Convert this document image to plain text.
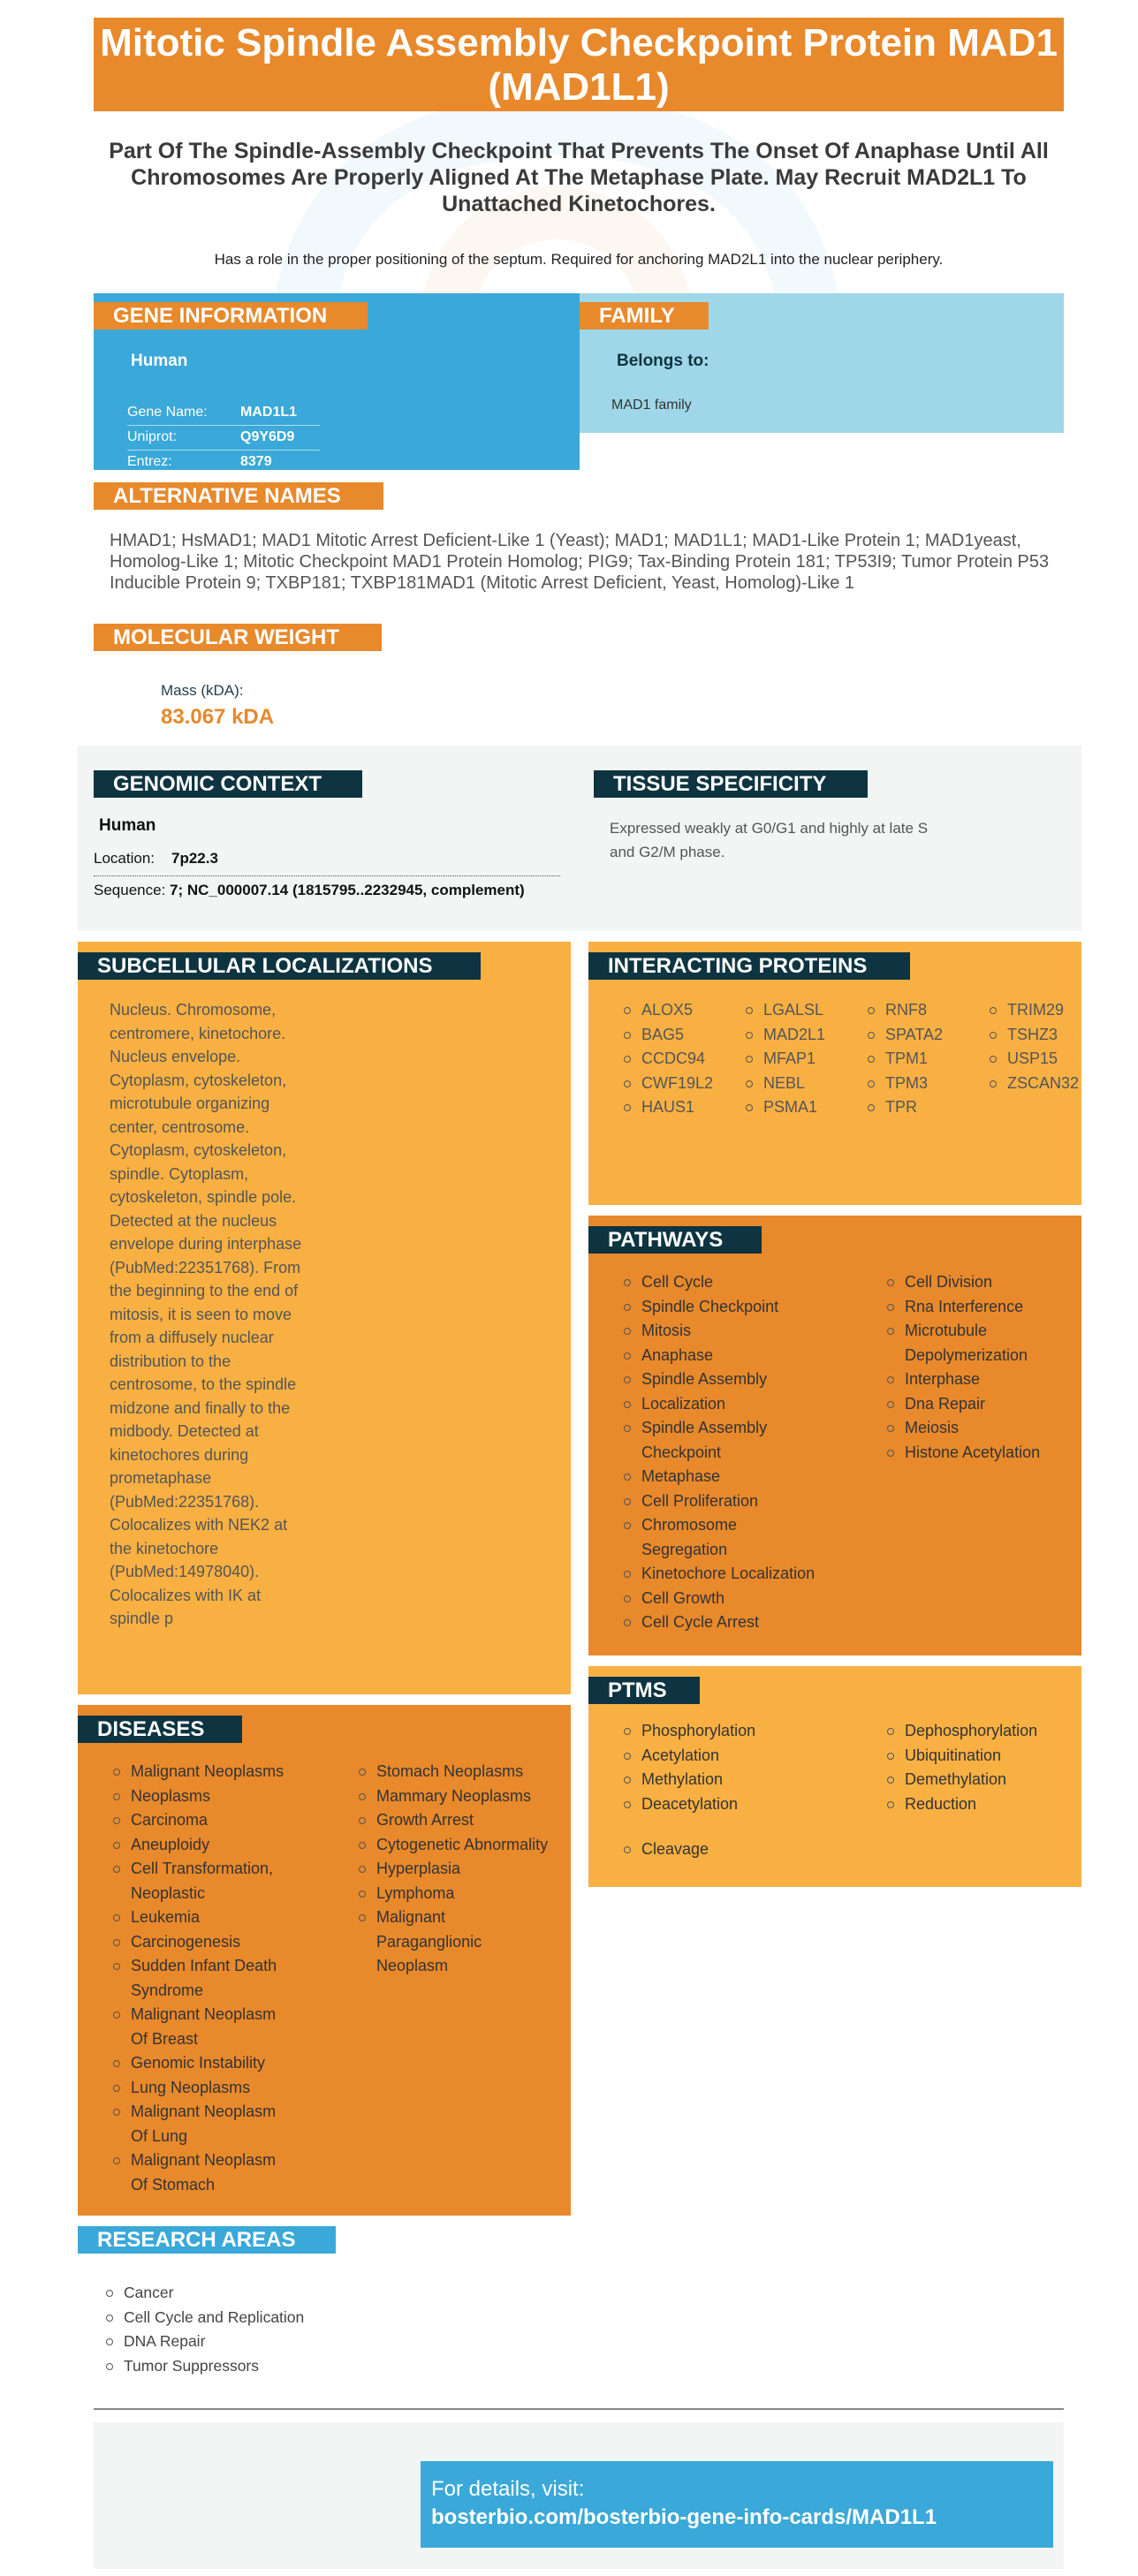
Mitotic Spindle Assembly Checkpoint Protein MAD1 (MAD1L1)
Part Of The Spindle-Assembly Checkpoint That Prevents The Onset Of Anaphase Until All Chromosomes Are Properly Aligned At The Metaphase Plate. May Recruit MAD2L1 To Unattached Kinetochores.
Has a role in the proper positioning of the septum. Required for anchoring MAD2L1 into the nuclear periphery.
GENE INFORMATION
Human
Gene Name:	MAD1L1
Uniprot:	Q9Y6D9
Entrez:	8379
FAMILY
Belongs to:
MAD1 family
ALTERNATIVE NAMES
HMAD1; HsMAD1; MAD1 Mitotic Arrest Deficient-Like 1 (Yeast); MAD1; MAD1L1; MAD1-Like Protein 1; MAD1yeast, Homolog-Like 1; Mitotic Checkpoint MAD1 Protein Homolog; PIG9; Tax-Binding Protein 181; TP53I9; Tumor Protein P53 Inducible Protein 9; TXBP181; TXBP181MAD1 (Mitotic Arrest Deficient, Yeast, Homolog)-Like 1
MOLECULAR WEIGHT
Mass (kDA):
83.067 kDA
GENOMIC CONTEXT
Human
Location: 7p22.3
Sequence: 7; NC_000007.14 (1815795..2232945, complement)
TISSUE SPECIFICITY
Expressed weakly at G0/G1 and highly at late S and G2/M phase.
SUBCELLULAR LOCALIZATIONS
Nucleus. Chromosome, centromere, kinetochore. Nucleus envelope. Cytoplasm, cytoskeleton, microtubule organizing center, centrosome. Cytoplasm, cytoskeleton, spindle. Cytoplasm, cytoskeleton, spindle pole. Detected at the nucleus envelope during interphase (PubMed:22351768). From the beginning to the end of mitosis, it is seen to move from a diffusely nuclear distribution to the centrosome, to the spindle midzone and finally to the midbody. Detected at kinetochores during prometaphase (PubMed:22351768). Colocalizes with NEK2 at the kinetochore (PubMed:14978040). Colocalizes with IK at spindle p
INTERACTING PROTEINS
ALOX5
BAG5
CCDC94
CWF19L2
HAUS1
LGALSL
MAD2L1
MFAP1
NEBL
PSMA1
RNF8
SPATA2
TPM1
TPM3
TPR
TRIM29
TSHZ3
USP15
ZSCAN32
PATHWAYS
Cell Cycle
Spindle Checkpoint
Mitosis
Anaphase
Spindle Assembly
Localization
Spindle Assembly Checkpoint
Metaphase
Cell Proliferation
Chromosome Segregation
Kinetochore Localization
Cell Growth
Cell Cycle Arrest
Cell Division
Rna Interference
Microtubule Depolymerization
Interphase
Dna Repair
Meiosis
Histone Acetylation
PTMS
Phosphorylation
Acetylation
Methylation
Deacetylation
Dephosphorylation
Ubiquitination
Demethylation
Reduction
Cleavage
DISEASES
Malignant Neoplasms
Neoplasms
Carcinoma
Aneuploidy
Cell Transformation, Neoplastic
Leukemia
Carcinogenesis
Sudden Infant Death Syndrome
Malignant Neoplasm Of Breast
Genomic Instability
Lung Neoplasms
Malignant Neoplasm Of Lung
Malignant Neoplasm Of Stomach
Stomach Neoplasms
Mammary Neoplasms
Growth Arrest
Cytogenetic Abnormality
Hyperplasia
Lymphoma
Malignant Paraganglionic Neoplasm
RESEARCH AREAS
Cancer
Cell Cycle and Replication
DNA Repair
Tumor Suppressors
For details, visit:
bosterbio.com/bosterbio-gene-info-cards/MAD1L1
